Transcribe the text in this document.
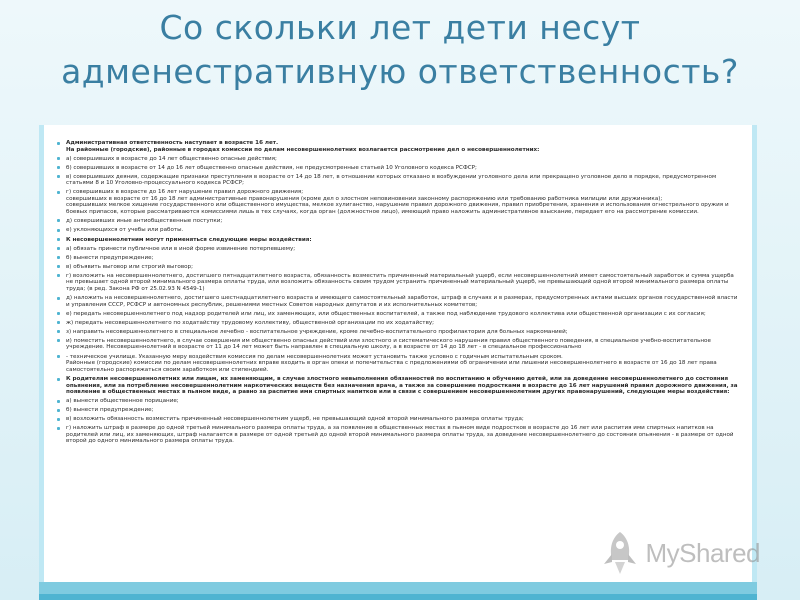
Со скольки лет дети несут адменестративную ответственность?
Административная ответственность наступает в возрасте 16 лет.
На районные (городские), районные в городах комиссии по делам несовершеннолетних возлагается рассмотрение дел о несовершеннолетних:
а) совершивших в возрасте до 14 лет общественно опасные действия;
б) совершивших в возрасте от 14 до 16 лет общественно опасные действия, не предусмотренные статьей 10 Уголовного кодекса РСФСР;
в) совершивших деяния, содержащие признаки преступления в возрасте от 14 до 18 лет, в отношении которых отказано в возбуждении уголовного дела или прекращено уголовное дело в порядке, предусмотренном статьями 8 и 10 Уголовно-процессуального кодекса РСФСР;
г) совершивших в возрасте до 16 лет нарушение правил дорожного движения;
совершивших в возрасте от 16 до 18 лет административные правонарушения (кроме дел о злостном неповиновении законному распоряжению или требованию работника милиции или дружинника);
совершивших мелкое хищение государственного или общественного имущества, мелкое хулиганство, нарушение правил дорожного движения, правил приобретения, хранения и использования огнестрельного оружия и боевых припасов, которые рассматриваются комиссиями лишь в тех случаях, когда орган (должностное лицо), имеющий право наложить административное взыскание, передает его на рассмотрение комиссии.
д) совершивших иные антиобщественные поступки;
е) уклоняющихся от учебы или работы.
К несовершеннолетним могут применяться следующие меры воздействия:
а) обязать принести публичное или в иной форме извинение потерпевшему;
б) вынести предупреждение;
в) объявить выговор или строгий выговор;
г) возложить на несовершеннолетнего, достигшего пятнадцатилетнего возраста, обязанность возместить причиненный материальный ущерб, если несовершеннолетний имеет самостоятельный заработок и сумма ущерба не превышает одной второй минимального размера оплаты труда, или возложить обязанность своим трудом устранить причиненный материальный ущерб, не превышающий одной второй минимального размера оплаты труда; (в ред. Закона РФ от 25.02.93 N 4549-1)
д) наложить на несовершеннолетнего, достигшего шестнадцатилетнего возраста и имеющего самостоятельный заработок, штраф в случаях и в размерах, предусмотренных актами высших органов государственной власти и управления СССР, РСФСР и автономных республик, решениями местных Советов народных депутатов и их исполнительных комитетов;
е) передать несовершеннолетнего под надзор родителей или лиц, их заменяющих, или общественных воспитателей, а также под наблюдение трудового коллектива или общественной организации с их согласия;
ж) передать несовершеннолетнего по ходатайству трудовому коллективу, общественной организации по их ходатайству;
з) направить несовершеннолетнего в специальное лечебно - воспитательное учреждение, кроме лечебно-воспитательного профилактория для больных наркоманией;
и) поместить несовершеннолетнего, в случае совершения им общественно опасных действий или злостного и систематического нарушения правил общественного поведения, в специальное учебно-воспитательное учреждение. Несовершеннолетний в возрасте от 11 до 14 лет может быть направлен в специальную школу, а в возрасте от 14 до 18 лет - в специальное профессионально
- техническое училище. Указанную меру воздействия комиссия по делам несовершеннолетних может установить также условно с годичным испытательным сроком.
Районные (городские) комиссии по делам несовершеннолетних вправе входить в орган опеки и попечительства с предложениями об ограничении или лишении несовершеннолетнего в возрасте от 16 до 18 лет права самостоятельно распоряжаться своим заработком или стипендией.
К родителям несовершеннолетних или лицам, их заменяющим, в случае злостного невыполнения обязанностей по воспитанию и обучению детей, или за доведение несовершеннолетнего до состояния опьянения, или за потребление несовершеннолетним наркотических веществ без назначения врача, а также за совершение подростками в возрасте до 16 лет нарушений правил дорожного движения, за появление в общественных местах в пьяном виде, а равно за распитие ими спиртных напитков или в связи с совершением несовершеннолетним других правонарушений, следующие меры воздействия:
а) вынести общественное порицание;
б) вынести предупреждение;
в) возложить обязанность возместить причиненный несовершеннолетним ущерб, не превышающий одной второй минимального размера оплаты труда;
г) наложить штраф в размере до одной третьей минимального размера оплаты труда, а за появление в общественных местах в пьяном виде подростков в возрасте до 16 лет или распития ими спиртных напитков на родителей или лиц, их заменяющих, штраф налагается в размере от одной третьей до одной второй минимального размера оплаты труда, за доведение несовершеннолетнего до состояния опьянения - в размере от одной второй до одного минимального размера оплаты труда.
MyShared
